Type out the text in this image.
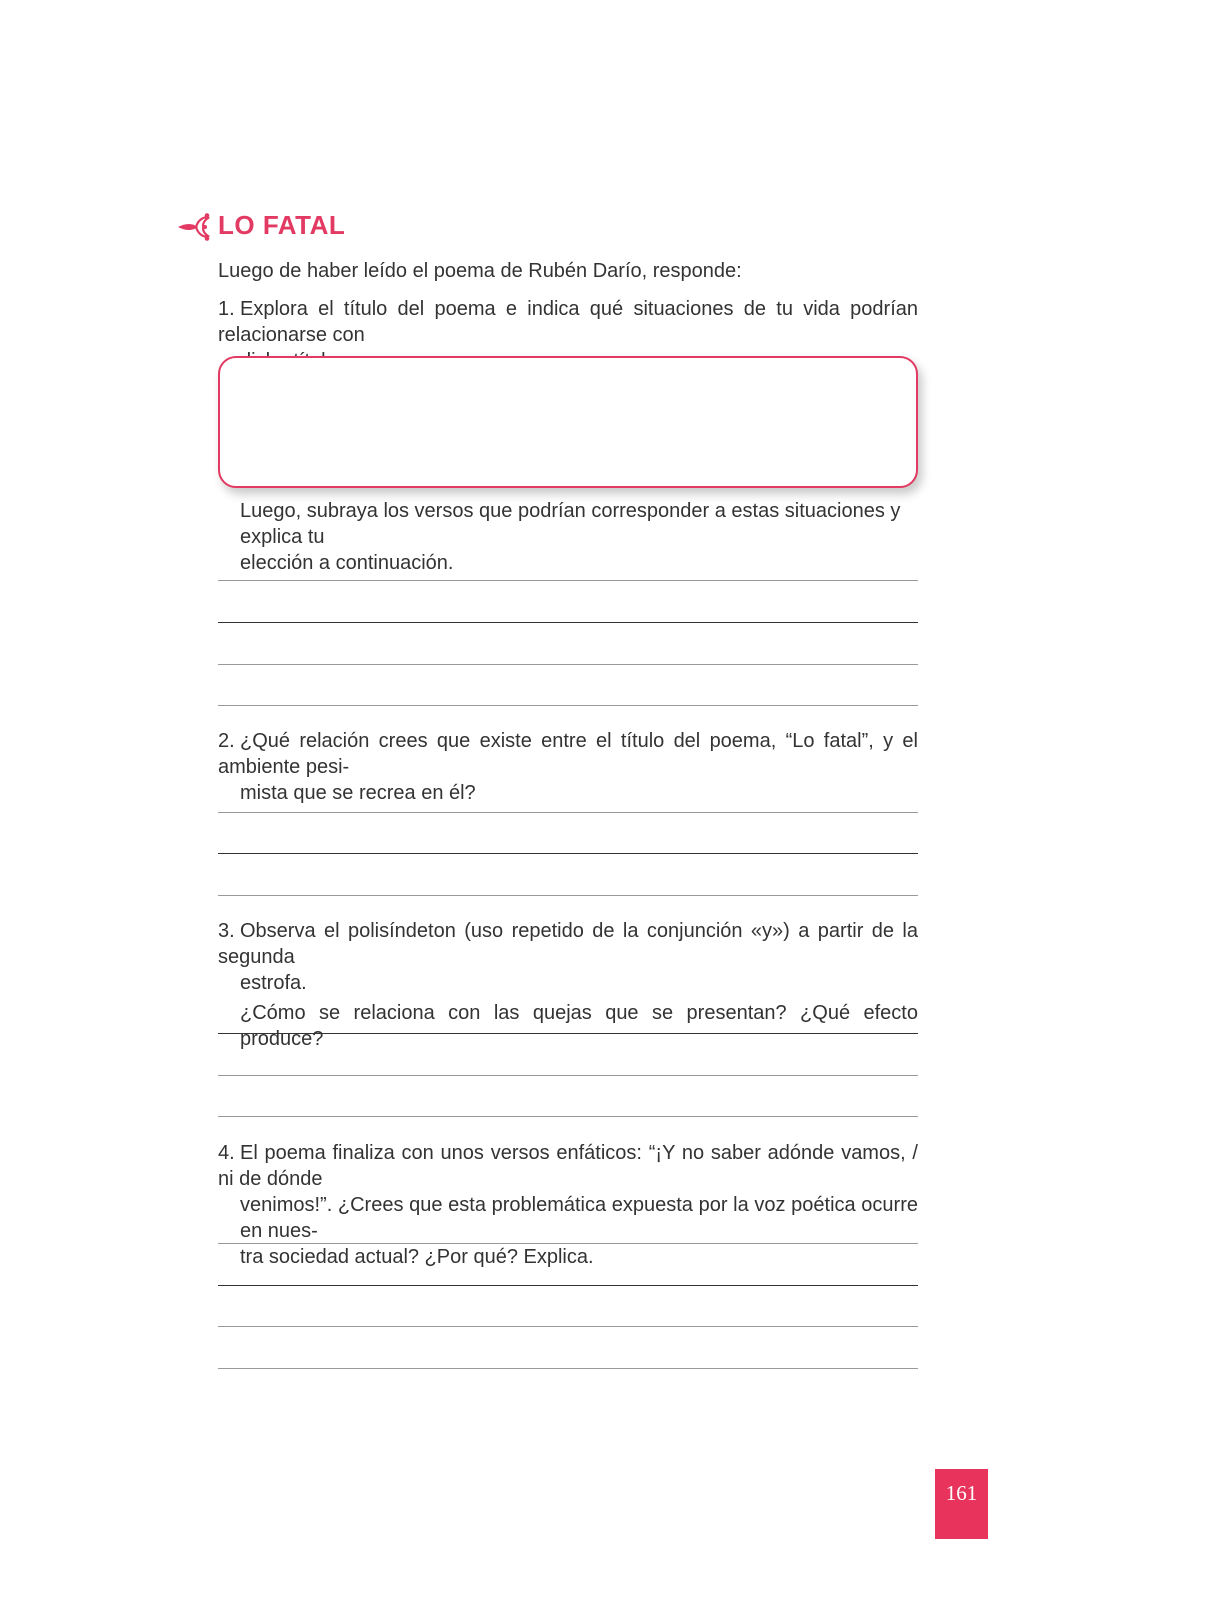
LO FATAL
Luego de haber leído el poema de Rubén Darío, responde:
1. Explora el título del poema e indica qué situaciones de tu vida podrían relacionarse con
Luego, subraya los versos que podrían corresponder a estas situaciones y explica tu
elección a continuación.
2. ¿Qué relación crees que existe entre el título del poema, “Lo fatal”, y el ambiente pesi-
mista que se recrea en él?
3. Observa el polisíndeton (uso repetido de la conjunción «y») a partir de la segunda
estrofa.
¿Cómo se relaciona con las quejas que se presentan? ¿Qué efecto produce?
4. El poema finaliza con unos versos enfáticos: “¡Y no saber adónde vamos, / ni de dónde
venimos!”. ¿Crees que esta problemática expuesta por la voz poética ocurre en nues-
tra sociedad actual? ¿Por qué? Explica.
161
